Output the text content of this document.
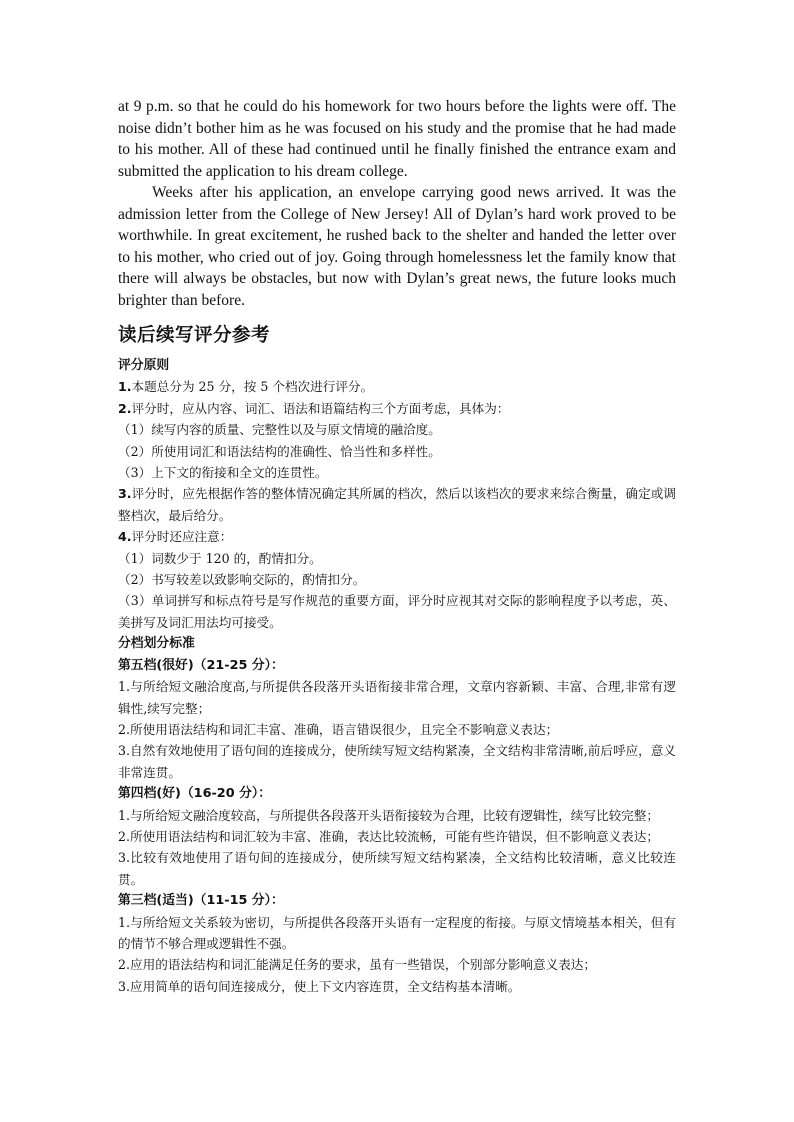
at 9 p.m. so that he could do his homework for two hours before the lights were off. The noise didn’t bother him as he was focused on his study and the promise that he had made to his mother. All of these had continued until he finally finished the entrance exam and submitted the application to his dream college.

Weeks after his application, an envelope carrying good news arrived. It was the admission letter from the College of New Jersey! All of Dylan’s hard work proved to be worthwhile. In great excitement, he rushed back to the shelter and handed the letter over to his mother, who cried out of joy. Going through homelessness let the family know that there will always be obstacles, but now with Dylan’s great news, the future looks much brighter than before.

读后续写评分参考
评分原则

1.本题总分为 25 分，按 5 个档次进行评分。

2.评分时，应从内容、词汇、语法和语篇结构三个方面考虑，具体为：

（1）续写内容的质量、完整性以及与原文情境的融洽度。

（2）所使用词汇和语法结构的准确性、恰当性和多样性。

（3）上下文的衔接和全文的连贯性。

3.评分时，应先根据作答的整体情况确定其所属的档次，然后以该档次的要求来综合衡量，确定或调整档次，最后给分。

4.评分时还应注意：

（1）词数少于 120 的，酌情扣分。

（2）书写较差以致影响交际的，酌情扣分。

（3）单词拼写和标点符号是写作规范的重要方面，评分时应视其对交际的影响程度予以考虑，英、美拼写及词汇用法均可接受。

分档划分标准
第五档(很好)（21-25 分）：

1.与所给短文融洽度高,与所提供各段落开头语衔接非常合理，文章内容新颖、丰富、合理,非常有逻辑性,续写完整；

2.所使用语法结构和词汇丰富、准确，语言错误很少，且完全不影响意义表达；

3.自然有效地使用了语句间的连接成分，使所续写短文结构紧凑，全文结构非常清晰,前后呼应，意义非常连贯。

第四档(好)（16-20 分）：

1.与所给短文融洽度较高，与所提供各段落开头语衔接较为合理，比较有逻辑性，续写比较完整；

2.所使用语法结构和词汇较为丰富、准确，表达比较流畅，可能有些许错误，但不影响意义表达；

3.比较有效地使用了语句间的连接成分，使所续写短文结构紧凑，全文结构比较清晰，意义比较连贯。

第三档(适当)（11-15 分）：

1.与所给短文关系较为密切，与所提供各段落开头语有一定程度的衔接。与原文情境基本相关，但有的情节不够合理或逻辑性不强。

2.应用的语法结构和词汇能满足任务的要求，虽有一些错误，个别部分影响意义表达；

3.应用简单的语句间连接成分，使上下文内容连贯，全文结构基本清晰。
